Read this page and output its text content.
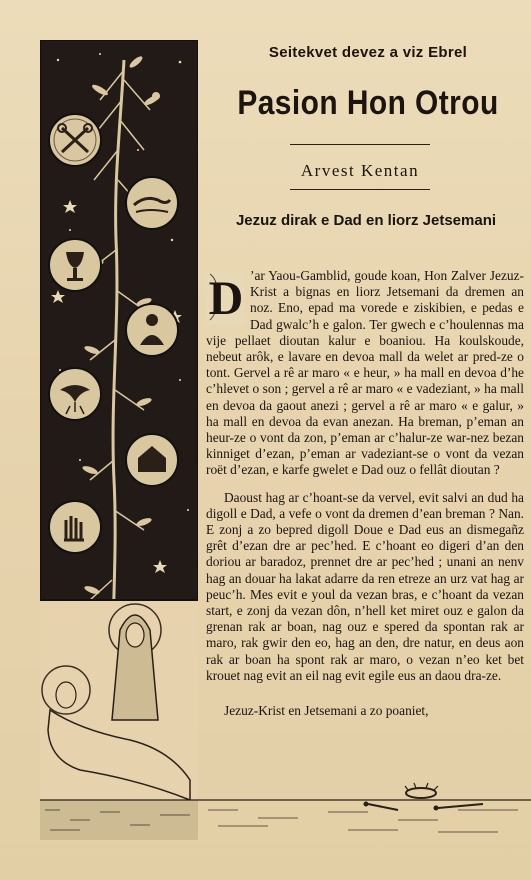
Seitekvet devez a viz Ebrel
Pasion Hon Otrou
Arvest Kentan
Jezuz dirak e Dad en liorz Jetsemani
D ’ar Yaou-Gamblid, goude koan, Hon Zalver Jezuz-Krist a bignas en liorz Jetsemani da dremen an noz. Eno, epad ma vorede e ziskibien, e pedas e Dad gwalc’h e galon. Ter gwech e c’houlennas ma vije pellaet dioutan kalur e boaniou. Ha koulskoude, nebeut arôk, e lavare en devoa mall da welet ar pred-ze o tont. Gervel a rê ar maro « e heur, » ha mall en devoa d’he c’hlevet o son ; gervel a rê ar maro « e vadeziant, » ha mall en devoa da gaout anezi ; gervel a rê ar maro « e galur, » ha mall en devoa da evan anezan. Ha breman, p’eman an heur-ze o vont da zon, p’eman ar c’halur-ze war-nez bezan kinniget d’ezan, p’eman ar vadeziant-se o vont da vezan roët d’ezan, e karfe gwelet e Dad ouz o fellât dioutan ?

Daoust hag ar c’hoant-se da vervel, evit salvi an dud ha digoll e Dad, a vefe o vont da dremen d’ean breman ? Nan. E zonj a zo bepred digoll Doue e Dad eus an dismegañz grêt d’ezan dre ar pec’hed. E c’hoant eo digeri d’an den doriou ar baradoz, prennet dre ar pec’hed ; unani an nenv hag an douar ha lakat adarre da ren etreze an urz vat hag ar peuc’h. Mes evit e youl da vezan bras, e c’hoant da vezan start, e zonj da vezan dôn, n’hell ket miret ouz e galon da grenan rak ar boan, nag ouz e spered da spontan rak ar maro, rak gwir den eo, hag an den, dre natur, en deus aon rak ar boan ha spont rak ar maro, o vezan n’eo ket bet krouet nag evit an eil nag evit egile eus an daou dra-ze.

Jezuz-Krist en Jetsemani a zo poaniet,
